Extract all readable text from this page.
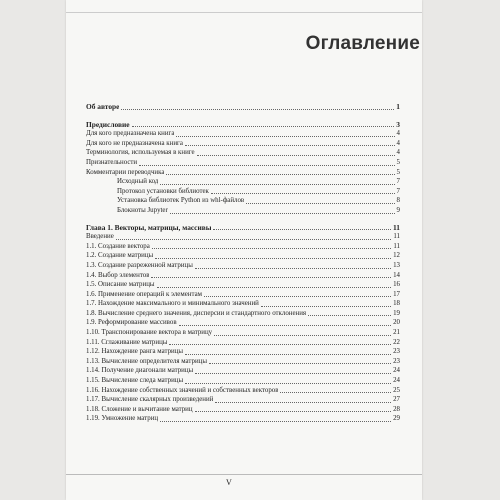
Оглавление
Об авторе	1
Предисловие	3
Для кого предназначена книга	4
Для кого не предназначена книга	4
Терминология, используемая в книге	4
Признательности	5
Комментарии переводчика	5
Исходный код	7
Протокол установки библиотек	7
Установка библиотек Python из whl-файлов	8
Блокноты Jupyter	9
Глава 1. Векторы, матрицы, массивы	11
Введение	11
1.1. Создание вектора	11
1.2. Создание матрицы	12
1.3. Создание разреженной матрицы	13
1.4. Выбор элементов	14
1.5. Описание матрицы	16
1.6. Применение операций к элементам	17
1.7. Нахождение максимального и минимального значений	18
1.8. Вычисление среднего значения, дисперсии и стандартного отклонения	19
1.9. Реформирование массивов	20
1.10. Транспонирование вектора в матрицу	21
1.11. Сглаживание матрицы	22
1.12. Нахождение ранга матрицы	23
1.13. Вычисление определителя матрицы	23
1.14. Получение диагонали матрицы	24
1.15. Вычисление следа матрицы	24
1.16. Нахождение собственных значений и собственных векторов	25
1.17. Вычисление скалярных произведений	27
1.18. Сложение и вычитание матриц	28
1.19. Умножение матриц	29
V
